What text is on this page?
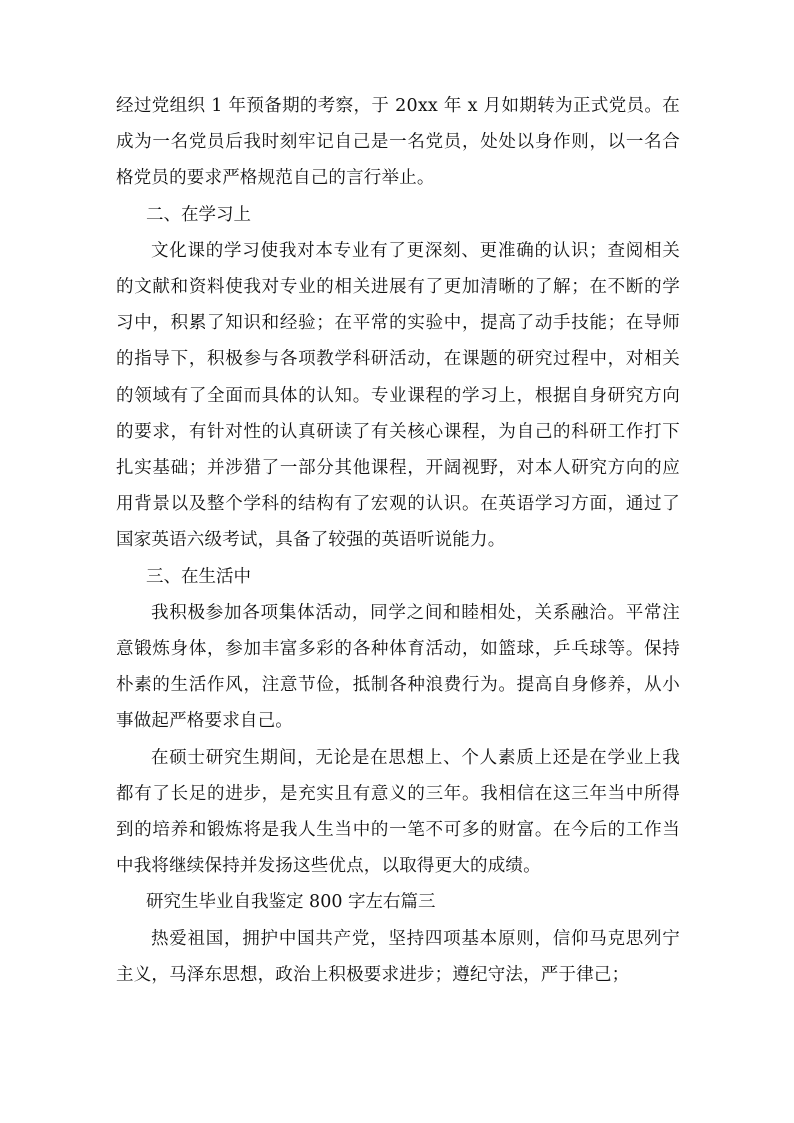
经过党组织 1 年预备期的考察，于 20xx 年 x 月如期转为正式党员。在成为一名党员后我时刻牢记自己是一名党员，处处以身作则，以一名合格党员的要求严格规范自己的言行举止。

二、在学习上

文化课的学习使我对本专业有了更深刻、更准确的认识；查阅相关的文献和资料使我对专业的相关进展有了更加清晰的了解；在不断的学习中，积累了知识和经验；在平常的实验中，提高了动手技能；在导师的指导下，积极参与各项教学科研活动，在课题的研究过程中，对相关的领域有了全面而具体的认知。专业课程的学习上，根据自身研究方向的要求，有针对性的认真研读了有关核心课程，为自己的科研工作打下扎实基础；并涉猎了一部分其他课程，开阔视野，对本人研究方向的应用背景以及整个学科的结构有了宏观的认识。在英语学习方面，通过了国家英语六级考试，具备了较强的英语听说能力。

三、在生活中

我积极参加各项集体活动，同学之间和睦相处，关系融洽。平常注意锻炼身体，参加丰富多彩的各种体育活动，如篮球，乒乓球等。保持朴素的生活作风，注意节俭，抵制各种浪费行为。提高自身修养，从小事做起严格要求自己。

在硕士研究生期间，无论是在思想上、个人素质上还是在学业上我都有了长足的进步，是充实且有意义的三年。我相信在这三年当中所得到的培养和锻炼将是我人生当中的一笔不可多的财富。在今后的工作当中我将继续保持并发扬这些优点，以取得更大的成绩。

研究生毕业自我鉴定 800 字左右篇三

热爱祖国，拥护中国共产党，坚持四项基本原则，信仰马克思列宁主义，马泽东思想，政治上积极要求进步；遵纪守法，严于律己；
